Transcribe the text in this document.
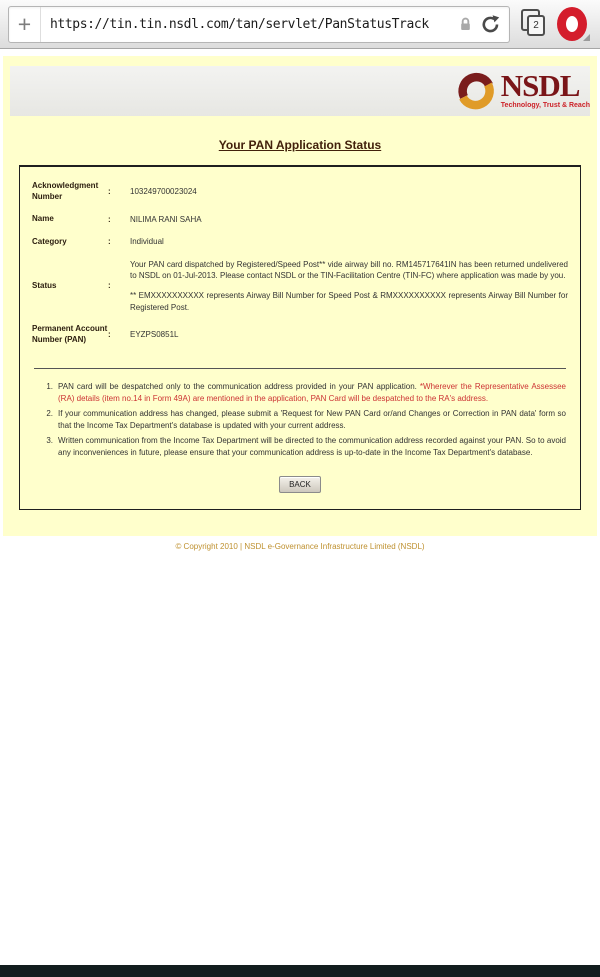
+	https://tin.tin.nsdl.com/tan/servlet/PanStatusTrack	2
NSDL
Technology, Trust & Reach
Your PAN Application Status
Acknowledgment Number	:	103249700023024
Name	:	NILIMA RANI SAHA
Category	:	Individual
Status	:

Your PAN card dispatched by Registered/Speed Post** vide airway bill no. RM145717641IN has been returned undelivered to NSDL on 01-Jul-2013. Please contact NSDL or the TIN-Facilitation Centre (TIN-FC) where application was made by you.

** EMXXXXXXXXXX represents Airway Bill Number for Speed Post & RMXXXXXXXXXX represents Airway Bill Number for Registered Post.

Permanent Account Number (PAN)	:	EYZPS0851L
1. PAN card will be despatched only to the communication address provided in your PAN application. *Wherever the Representative Assessee (RA) details (item no.14 in Form 49A) are mentioned in the application, PAN Card will be despatched to the RA's address.
2. If your communication address has changed, please submit a 'Request for New PAN Card or/and Changes or Correction in PAN data' form so that the Income Tax Department's database is updated with your current address.
3. Written communication from the Income Tax Department will be directed to the communication address recorded against your PAN. So to avoid any inconveniences in future, please ensure that your communication address is up-to-date in the Income Tax Department's database.
BACK
© Copyright 2010 | NSDL e-Governance Infrastructure Limited (NSDL)
